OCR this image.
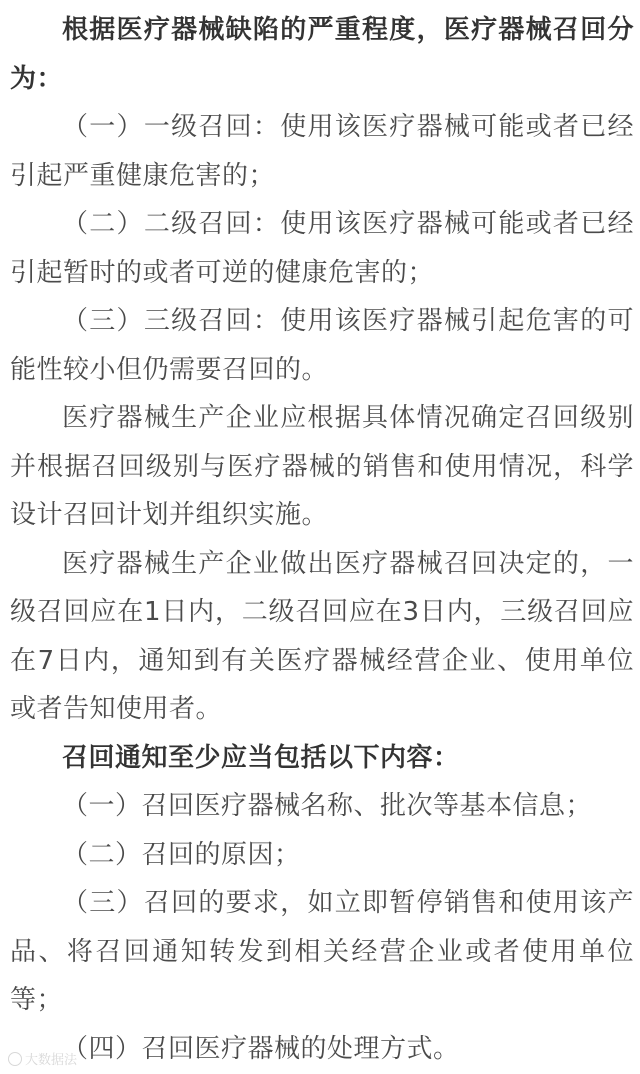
根据医疗器械缺陷的严重程度，医疗器械召回分为：

（一）一级召回：使用该医疗器械可能或者已经引起严重健康危害的；

（二）二级召回：使用该医疗器械可能或者已经引起暂时的或者可逆的健康危害的；

（三）三级召回：使用该医疗器械引起危害的可能性较小但仍需要召回的。

医疗器械生产企业应根据具体情况确定召回级别并根据召回级别与医疗器械的销售和使用情况，科学设计召回计划并组织实施。

医疗器械生产企业做出医疗器械召回决定的，一级召回应在1日内，二级召回应在3日内，三级召回应在7日内，通知到有关医疗器械经营企业、使用单位或者告知使用者。

召回通知至少应当包括以下内容：

（一）召回医疗器械名称、批次等基本信息；

（二）召回的原因；

（三）召回的要求，如立即暂停销售和使用该产品、将召回通知转发到相关经营企业或者使用单位等；

（四）召回医疗器械的处理方式。

大数据法
